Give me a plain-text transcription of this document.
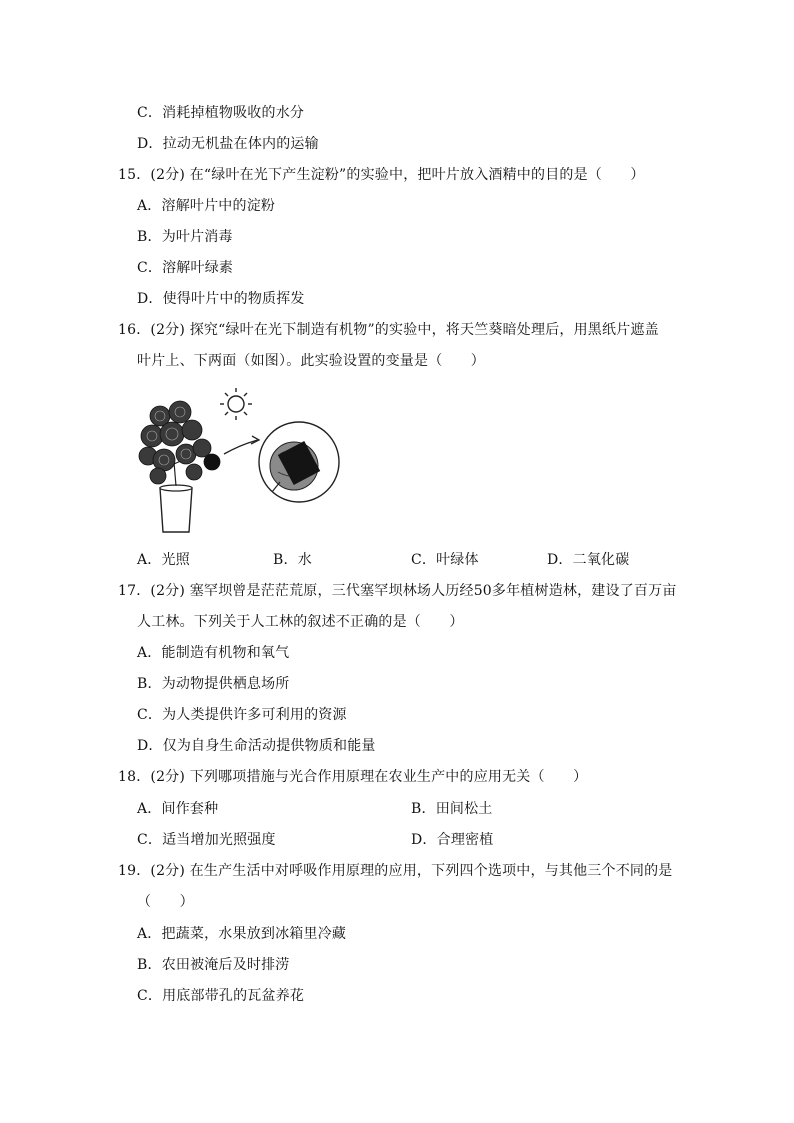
C．消耗掉植物吸收的水分
D．拉动无机盐在体内的运输
15．(2分) 在“绿叶在光下产生淀粉”的实验中，把叶片放入酒精中的目的是（　　）
A．溶解叶片中的淀粉
B．为叶片消毒
C．溶解叶绿素
D．使得叶片中的物质挥发
16．(2分) 探究“绿叶在光下制造有机物”的实验中，将天竺葵暗处理后，用黑纸片遮盖
叶片上、下两面（如图）。此实验设置的变量是（　　）
A．光照	B．水	C．叶绿体	D．二氧化碳
17．(2分) 塞罕坝曾是茫茫荒原，三代塞罕坝林场人历经50多年植树造林，建设了百万亩
人工林。下列关于人工林的叙述不正确的是（　　）
A．能制造有机物和氧气
B．为动物提供栖息场所
C．为人类提供许多可利用的资源
D．仅为自身生命活动提供物质和能量
18．(2分) 下列哪项措施与光合作用原理在农业生产中的应用无关（　　）
A．间作套种	B．田间松土
C．适当增加光照强度	D．合理密植
19．(2分) 在生产生活中对呼吸作用原理的应用，下列四个选项中，与其他三个不同的是
（　　）
A．把蔬菜，水果放到冰箱里冷藏
B．农田被淹后及时排涝
C．用底部带孔的瓦盆养花
